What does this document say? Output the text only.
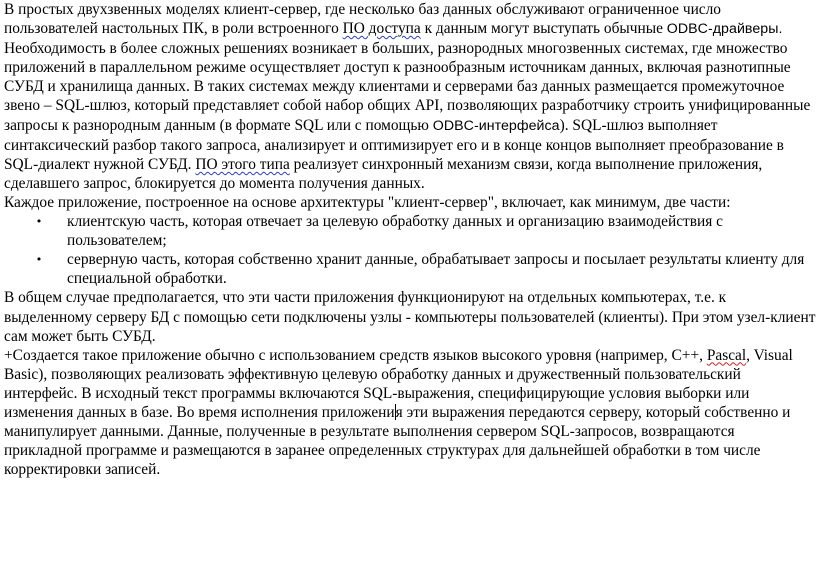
В простых двухзвенных моделях клиент-сервер, где несколько баз данных обслуживают ограниченное число пользователей настольных ПК, в роли встроенного ПО доступа к данным могут выступать обычные ODBC-драйверы.

Необходимость в более сложных решениях возникает в больших, разнородных многозвенных системах, где множество приложений в параллельном режиме осуществляет доступ к разнообразным источникам данных, включая разнотипные СУБД и хранилища данных. В таких системах между клиентами и серверами баз данных размещается промежуточное звено – SQL-шлюз, который представляет собой набор общих API, позволяющих разработчику строить унифицированные запросы к разнородным данным (в формате SQL или с помощью ODBC-интерфейса). SQL-шлюз выполняет синтаксический разбор такого запроса, анализирует и оптимизирует его и в конце концов выполняет преобразование в SQL-диалект нужной СУБД. ПО этого типа реализует синхронный механизм связи, когда выполнение приложения, сделавшего запрос, блокируется до момента получения данных.

Каждое приложение, построенное на основе архитектуры "клиент-сервер", включает, как минимум, две части:

• клиентскую часть, которая отвечает за целевую обработку данных и организацию взаимодействия с пользователем;
• серверную часть, которая собственно хранит данные, обрабатывает запросы и посылает результаты клиенту для специальной обработки.

В общем случае предполагается, что эти части приложения функционируют на отдельных компьютерах, т.е. к выделенному серверу БД с помощью сети подключены узлы - компьютеры пользователей (клиенты). При этом узел-клиент сам может быть СУБД.

+Создается такое приложение обычно с использованием средств языков высокого уровня (например, С++, Pascal, Visual Basic), позволяющих реализовать эффективную целевую обработку данных и дружественный пользовательский интерфейс. В исходный текст программы включаются SQL-выражения, специфицирующие условия выборки или изменения данных в базе. Во время исполнения приложения эти выражения передаются серверу, который собственно и манипулирует данными. Данные, полученные в результате выполнения сервером SQL-запросов, возвращаются прикладной программе и размещаются в заранее определенных структурах для дальнейшей обработки в том числе корректировки записей.
